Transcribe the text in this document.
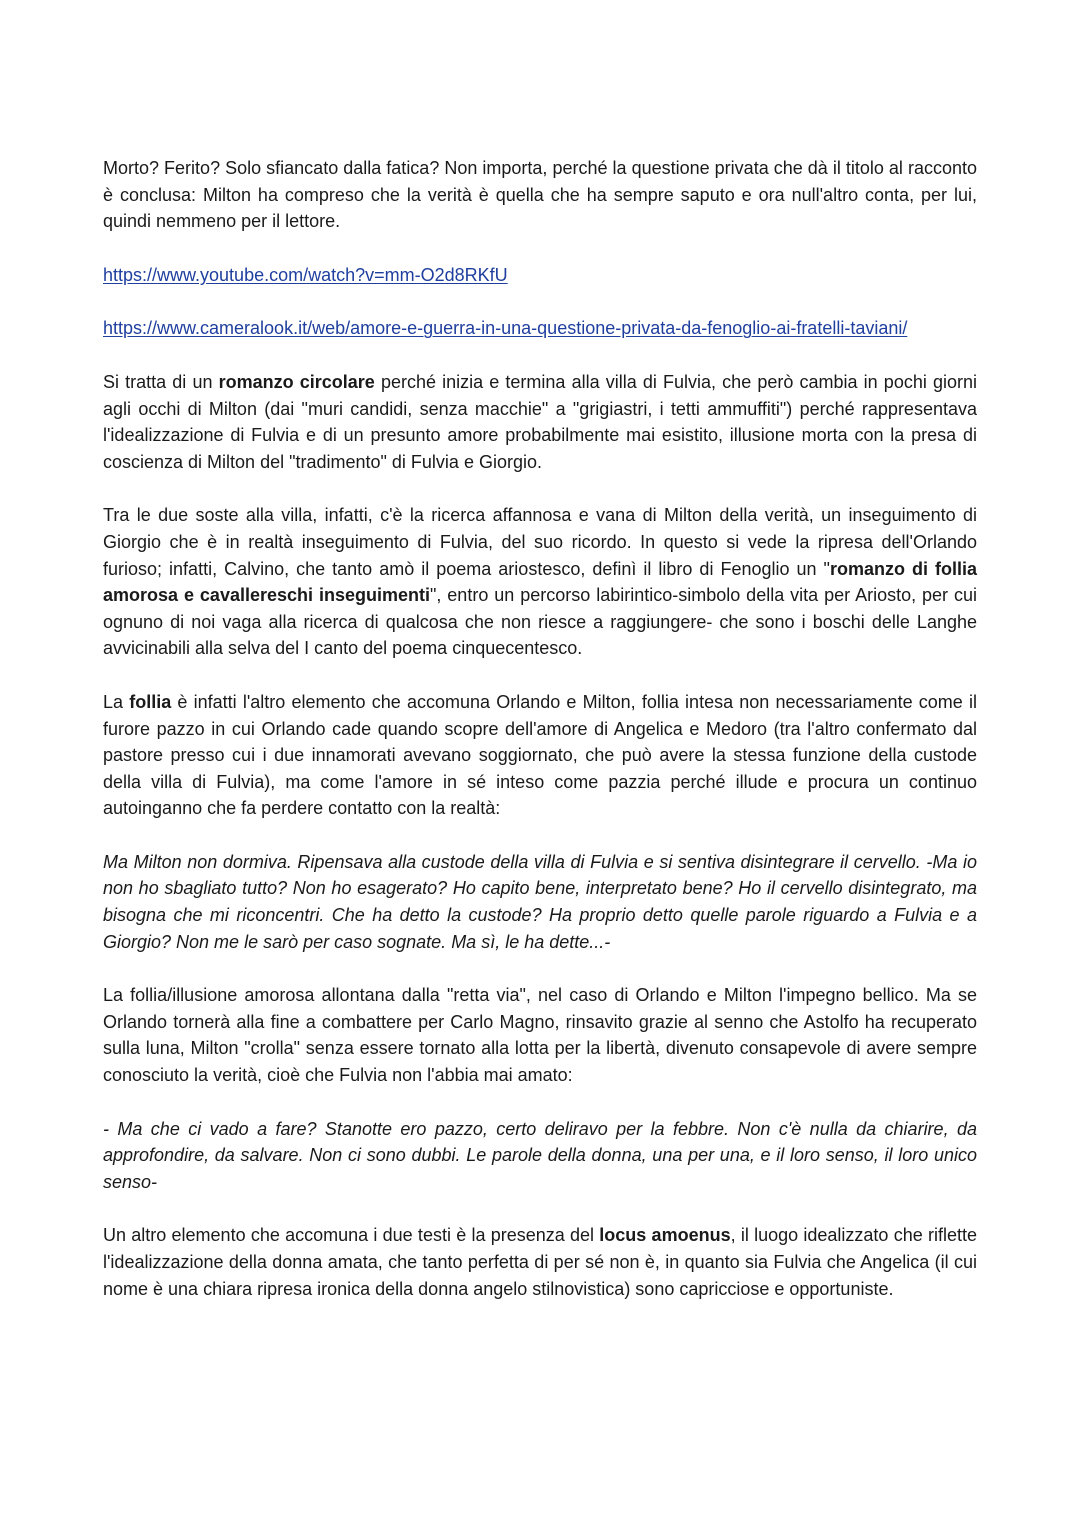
Morto? Ferito? Solo sfiancato dalla fatica? Non importa, perché la questione privata che dà il titolo al racconto è conclusa: Milton ha compreso che la verità è quella che ha sempre saputo e ora null'altro conta, per lui, quindi nemmeno per il lettore.

https://www.youtube.com/watch?v=mm-O2d8RKfU

https://www.cameralook.it/web/amore-e-guerra-in-una-questione-privata-da-fenoglio-ai-fratelli-taviani/

Si tratta di un romanzo circolare perché inizia e termina alla villa di Fulvia, che però cambia in pochi giorni agli occhi di Milton (dai "muri candidi, senza macchie" a "grigiastri, i tetti ammuffiti") perché rappresentava l'idealizzazione di Fulvia e di un presunto amore probabilmente mai esistito, illusione morta con la presa di coscienza di Milton del "tradimento" di Fulvia e Giorgio.

Tra le due soste alla villa, infatti, c'è la ricerca affannosa e vana di Milton della verità, un inseguimento di Giorgio che è in realtà inseguimento di Fulvia, del suo ricordo. In questo si vede la ripresa dell'Orlando furioso; infatti, Calvino, che tanto amò il poema ariostesco, definì il libro di Fenoglio un "romanzo di follia amorosa e cavallereschi inseguimenti", entro un percorso labirintico-simbolo della vita per Ariosto, per cui ognuno di noi vaga alla ricerca di qualcosa che non riesce a raggiungere- che sono i boschi delle Langhe avvicinabili alla selva del I canto del poema cinquecentesco.

La follia è infatti l'altro elemento che accomuna Orlando e Milton, follia intesa non necessariamente come il furore pazzo in cui Orlando cade quando scopre dell'amore di Angelica e Medoro (tra l'altro confermato dal pastore presso cui i due innamorati avevano soggiornato, che può avere la stessa funzione della custode della villa di Fulvia), ma come l'amore in sé inteso come pazzia perché illude e procura un continuo autoinganno che fa perdere contatto con la realtà:

Ma Milton non dormiva. Ripensava alla custode della villa di Fulvia e si sentiva disintegrare il cervello. -Ma io non ho sbagliato tutto? Non ho esagerato? Ho capito bene, interpretato bene? Ho il cervello disintegrato, ma bisogna che mi riconcentri. Che ha detto la custode? Ha proprio detto quelle parole riguardo a Fulvia e a Giorgio? Non me le sarò per caso sognate. Ma sì, le ha dette...-

La follia/illusione amorosa allontana dalla "retta via", nel caso di Orlando e Milton l'impegno bellico. Ma se Orlando tornerà alla fine a combattere per Carlo Magno, rinsavito grazie al senno che Astolfo ha recuperato sulla luna, Milton "crolla" senza essere tornato alla lotta per la libertà, divenuto consapevole di avere sempre conosciuto la verità, cioè che Fulvia non l'abbia mai amato:

- Ma che ci vado a fare? Stanotte ero pazzo, certo deliravo per la febbre. Non c'è nulla da chiarire, da approfondire, da salvare. Non ci sono dubbi. Le parole della donna, una per una, e il loro senso, il loro unico senso-

Un altro elemento che accomuna i due testi è la presenza del locus amoenus, il luogo idealizzato che riflette l'idealizzazione della donna amata, che tanto perfetta di per sé non è, in quanto sia Fulvia che Angelica (il cui nome è una chiara ripresa ironica della donna angelo stilnovistica) sono capricciose e opportuniste.
